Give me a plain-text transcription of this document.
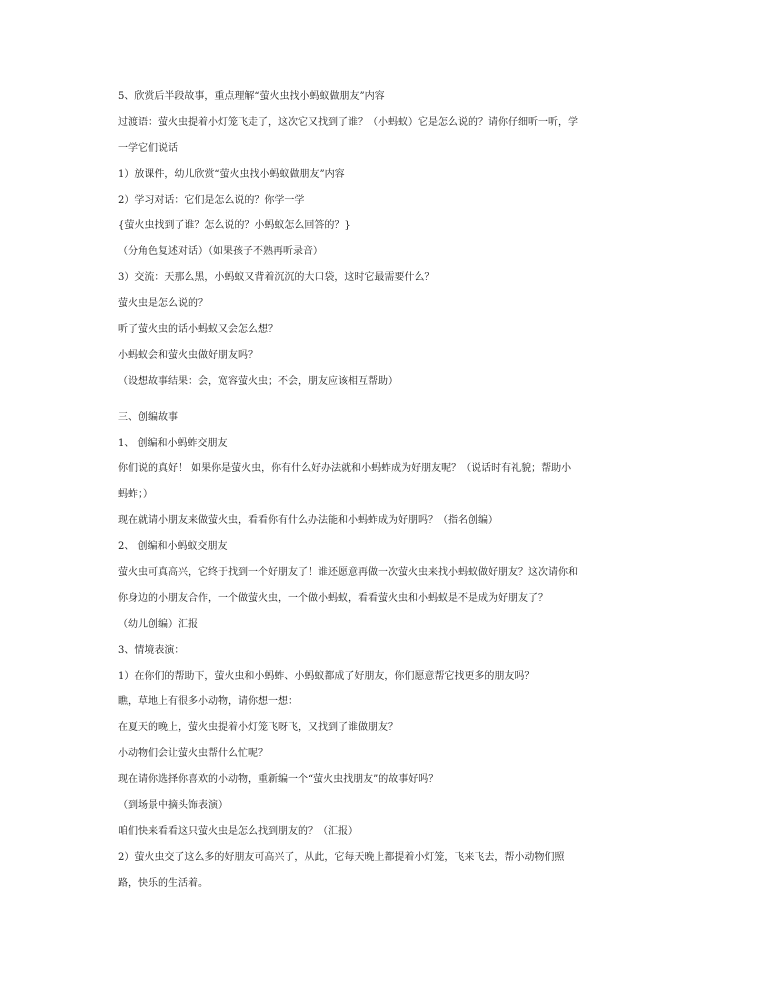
5、欣赏后半段故事，重点理解“萤火虫找小蚂蚁做朋友”内容
过渡语：萤火虫提着小灯笼飞走了，这次它又找到了谁？（小蚂蚁）它是怎么说的？请你仔细听一听，学
一学它们说话
1）放课件，幼儿欣赏“萤火虫找小蚂蚁做朋友”内容
2）学习对话：它们是怎么说的？你学一学
{萤火虫找到了谁？怎么说的？小蚂蚁怎么回答的？}
（分角色复述对话）（如果孩子不熟再听录音）
3）交流：天那么黑，小蚂蚁又背着沉沉的大口袋，这时它最需要什么？
萤火虫是怎么说的？
听了萤火虫的话小蚂蚁又会怎么想？
小蚂蚁会和萤火虫做好朋友吗？
（设想故事结果：会，宽容萤火虫；不会，朋友应该相互帮助）
三、创编故事
1、 创编和小蚂蚱交朋友
你们说的真好！ 如果你是萤火虫，你有什么好办法就和小蚂蚱成为好朋友呢？（说话时有礼貌；帮助小
蚂蚱；）
现在就请小朋友来做萤火虫，看看你有什么办法能和小蚂蚱成为好朋吗？（指名创编）
2、 创编和小蚂蚁交朋友
萤火虫可真高兴，它终于找到一个好朋友了！谁还愿意再做一次萤火虫来找小蚂蚁做好朋友？这次请你和
你身边的小朋友合作，一个做萤火虫，一个做小蚂蚁，看看萤火虫和小蚂蚁是不是成为好朋友了？
（幼儿创编）汇报
3、情境表演：
1）在你们的帮助下，萤火虫和小蚂蚱、小蚂蚁都成了好朋友，你们愿意帮它找更多的朋友吗？
瞧，草地上有很多小动物，请你想一想：
在夏天的晚上，萤火虫提着小灯笼飞呀飞，又找到了谁做朋友？
小动物们会让萤火虫帮什么忙呢？
现在请你选择你喜欢的小动物，重新编一个“萤火虫找朋友”的故事好吗？
（到场景中摘头饰表演）
咱们快来看看这只萤火虫是怎么找到朋友的？（汇报）
2）萤火虫交了这么多的好朋友可高兴了，从此，它每天晚上都提着小灯笼，飞来飞去，帮小动物们照
路，快乐的生活着。
